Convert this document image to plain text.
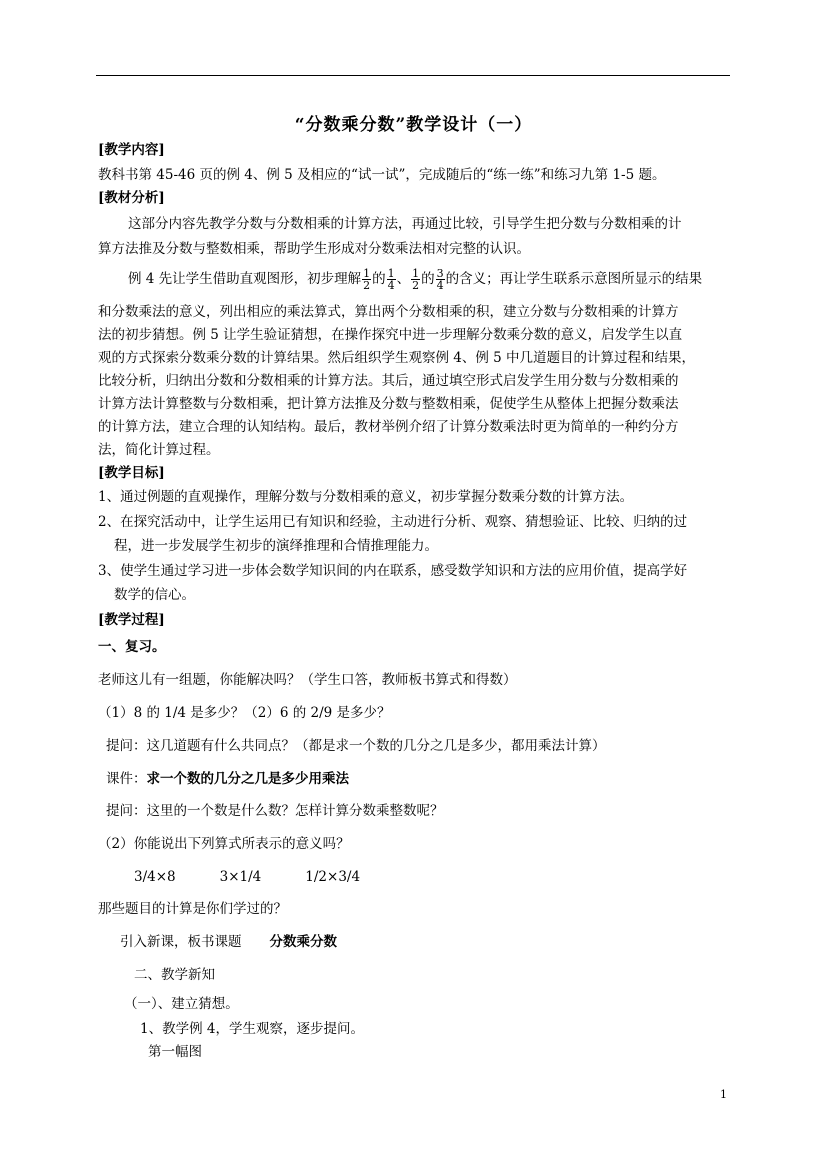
“分数乘分数”教学设计（一）
[教学内容]
教科书第 45-46 页的例 4、例 5 及相应的“试一试”，完成随后的“练一练”和练习九第 1-5 题。
[教材分析]
这部分内容先教学分数与分数相乘的计算方法，再通过比较，引导学生把分数与分数相乘的计
算方法推及分数与整数相乘，帮助学生形成对分数乘法相对完整的认识。
例 4 先让学生借助直观图形，初步理解 $\frac{1}{2}$ 的 $\frac{1}{4}$ 、 $\frac{1}{2}$ 的 $\frac{3}{4}$ 的含义；再让学生联系示意图所显示的结果
和分数乘法的意义，列出相应的乘法算式，算出两个分数相乘的积，建立分数与分数相乘的计算方
法的初步猜想。例 5 让学生验证猜想，在操作探究中进一步理解分数乘分数的意义，启发学生以直
观的方式探索分数乘分数的计算结果。然后组织学生观察例 4、例 5 中几道题目的计算过程和结果，
比较分析，归纳出分数和分数相乘的计算方法。其后，通过填空形式启发学生用分数与分数相乘的
计算方法计算整数与分数相乘，把计算方法推及分数与整数相乘，促使学生从整体上把握分数乘法
的计算方法，建立合理的认知结构。最后，教材举例介绍了计算分数乘法时更为简单的一种约分方
法，简化计算过程。
[教学目标]
1、通过例题的直观操作，理解分数与分数相乘的意义，初步掌握分数乘分数的计算方法。
2、在探究活动中，让学生运用已有知识和经验，主动进行分析、观察、猜想验证、比较、归纳的过
程，进一步发展学生初步的演绎推理和合情推理能力。
3、使学生通过学习进一步体会数学知识间的内在联系，感受数学知识和方法的应用价值，提高学好
数学的信心。
[教学过程]
一、复习。
老师这儿有一组题，你能解决吗？（学生口答，教师板书算式和得数）
（1）8 的 1/4 是多少？（2）6 的 2/9 是多少？
提问：这几道题有什么共同点？（都是求一个数的几分之几是多少，都用乘法计算）
课件：求一个数的几分之几是多少用乘法
提问：这里的一个数是什么数？怎样计算分数乘整数呢？
（2）你能说出下列算式所表示的意义吗？
3/4×8	3×1/4	1/2×3/4
那些题目的计算是你们学过的？
引入新课，板书课题 分数乘分数
二、教学新知
（一）、建立猜想。
1、教学例 4，学生观察，逐步提问。
第一幅图
1
